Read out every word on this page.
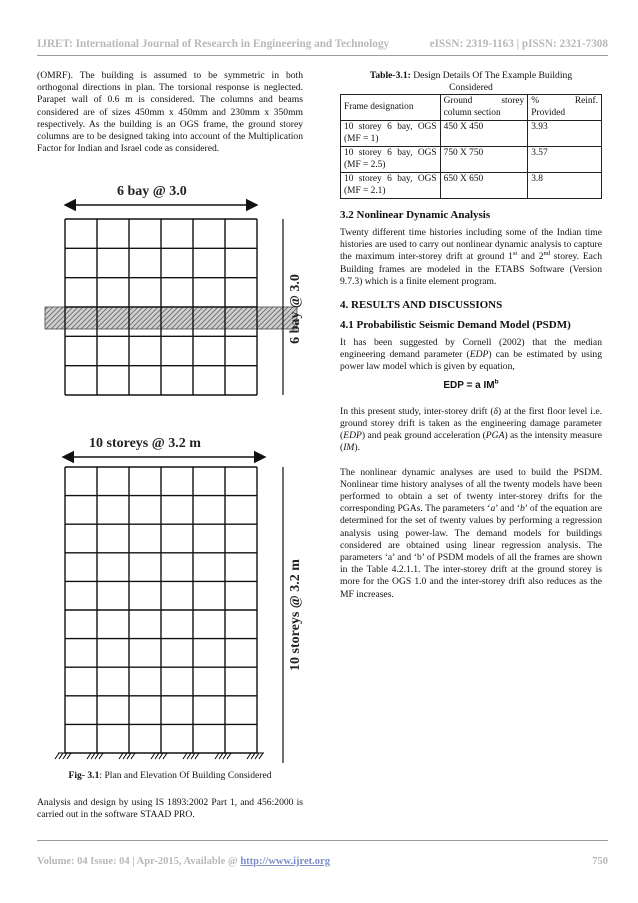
IJRET: International Journal of Research in Engineering and Technology	eISSN: 2319-1163 | pISSN: 2321-7308

(OMRF). The building is assumed to be symmetric in both orthogonal directions in plan. The torsional response is neglected. Parapet wall of 0.6 m is considered. The columns and beams considered are of sizes 450mm x 450mm and 230mm x 350mm respectively. As the building is an OGS frame, the ground storey columns are to be designed taking into account of the Multiplication Factor for Indian and Israel code as considered.

6 bay @ 3.0
6 bay @ 3.0
10 storeys @ 3.2 m
10 storeys @ 3.2 m
Fig- 3.1: Plan and Elevation Of Building Considered

Analysis and design by using IS 1893:2002 Part 1, and 456:2000 is carried out in the software STAAD PRO.

Table-3.1: Design Details Of The Example Building Considered
Frame designation	Ground storey column section	% Reinf. Provided
10 storey 6 bay, OGS (MF = 1)	450 X 450	3.93
10 storey 6 bay, OGS (MF = 2.5)	750 X 750	3.57
10 storey 6 bay, OGS (MF = 2.1)	650 X 650	3.8
3.2 Nonlinear Dynamic Analysis

Twenty different time histories including some of the Indian time histories are used to carry out nonlinear dynamic analysis to capture the maximum inter-storey drift at ground 1st and 2nd storey. Each Building frames are modeled in the ETABS Software (Version 9.7.3) which is a finite element program.

4. RESULTS AND DISCUSSIONS
4.1 Probabilistic Seismic Demand Model (PSDM)

It has been suggested by Cornell (2002) that the median engineering demand parameter (EDP) can be estimated by using power law model which is given by equation,

EDP = a $IM^b$

In this present study, inter-storey drift (δ) at the first floor level i.e. ground storey drift is taken as the engineering damage parameter (EDP) and peak ground acceleration (PGA) as the intensity measure (IM).

The nonlinear dynamic analyses are used to build the PSDM. Nonlinear time history analyses of all the twenty models have been performed to obtain a set of twenty inter-storey drifts for the corresponding PGAs. The parameters ‘a’ and ‘b’ of the equation are determined for the set of twenty values by performing a regression analysis using power-law. The demand models for buildings considered are obtained using linear regression analysis. The parameters ‘a’ and ‘b’ of PSDM models of all the frames are shown in the Table 4.2.1.1. The inter-storey drift at the ground storey is more for the OGS 1.0 and the inter-storey drift also reduces as the MF increases.

Volume: 04 Issue: 04 | Apr-2015, Available @ http://www.ijret.org	750
